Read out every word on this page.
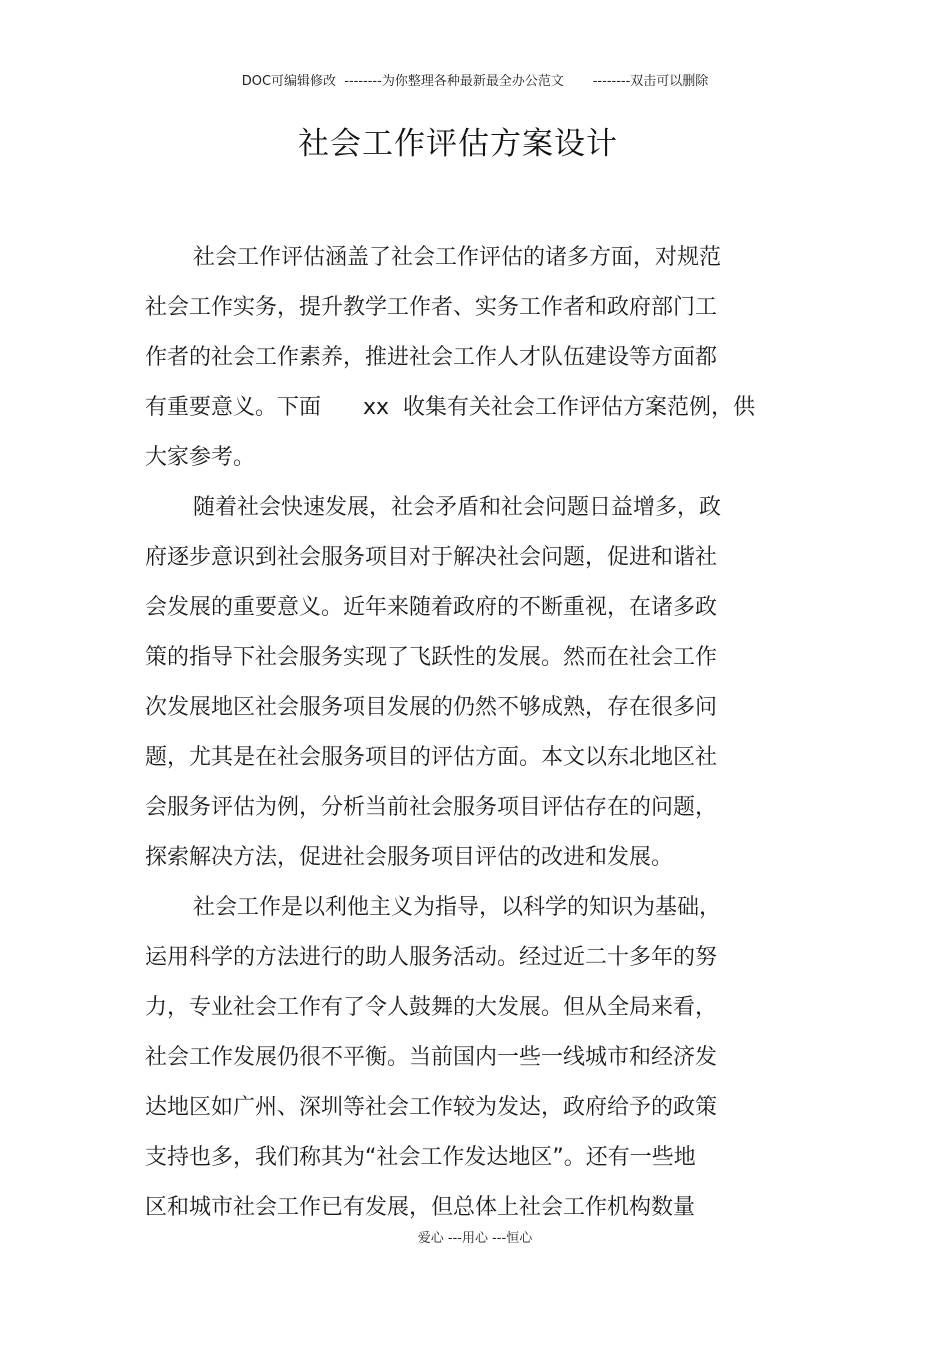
DOC可编辑修改  --------为你整理各种最新最全办公范文       --------双击可以删除
社会工作评估方案设计
社会工作评估涵盖了社会工作评估的诸多方面，对规范
社会工作实务，提升教学工作者、实务工作者和政府部门工
作者的社会工作素养，推进社会工作人才队伍建设等方面都
有重要意义。下面      xx  收集有关社会工作评估方案范例，供
大家参考。
随着社会快速发展，社会矛盾和社会问题日益增多，政
府逐步意识到社会服务项目对于解决社会问题，促进和谐社
会发展的重要意义。近年来随着政府的不断重视，在诸多政
策的指导下社会服务实现了飞跃性的发展。然而在社会工作
次发展地区社会服务项目发展的仍然不够成熟，存在很多问
题，尤其是在社会服务项目的评估方面。本文以东北地区社
会服务评估为例，分析当前社会服务项目评估存在的问题，
探索解决方法，促进社会服务项目评估的改进和发展。
社会工作是以利他主义为指导，以科学的知识为基础，
运用科学的方法进行的助人服务活动。经过近二十多年的努
力，专业社会工作有了令人鼓舞的大发展。但从全局来看，
社会工作发展仍很不平衡。当前国内一些一线城市和经济发
达地区如广州、深圳等社会工作较为发达，政府给予的政策
支持也多，我们称其为“社会工作发达地区”。还有一些地
区和城市社会工作已有发展，但总体上社会工作机构数量
爱心 ---用心 ---恒心
